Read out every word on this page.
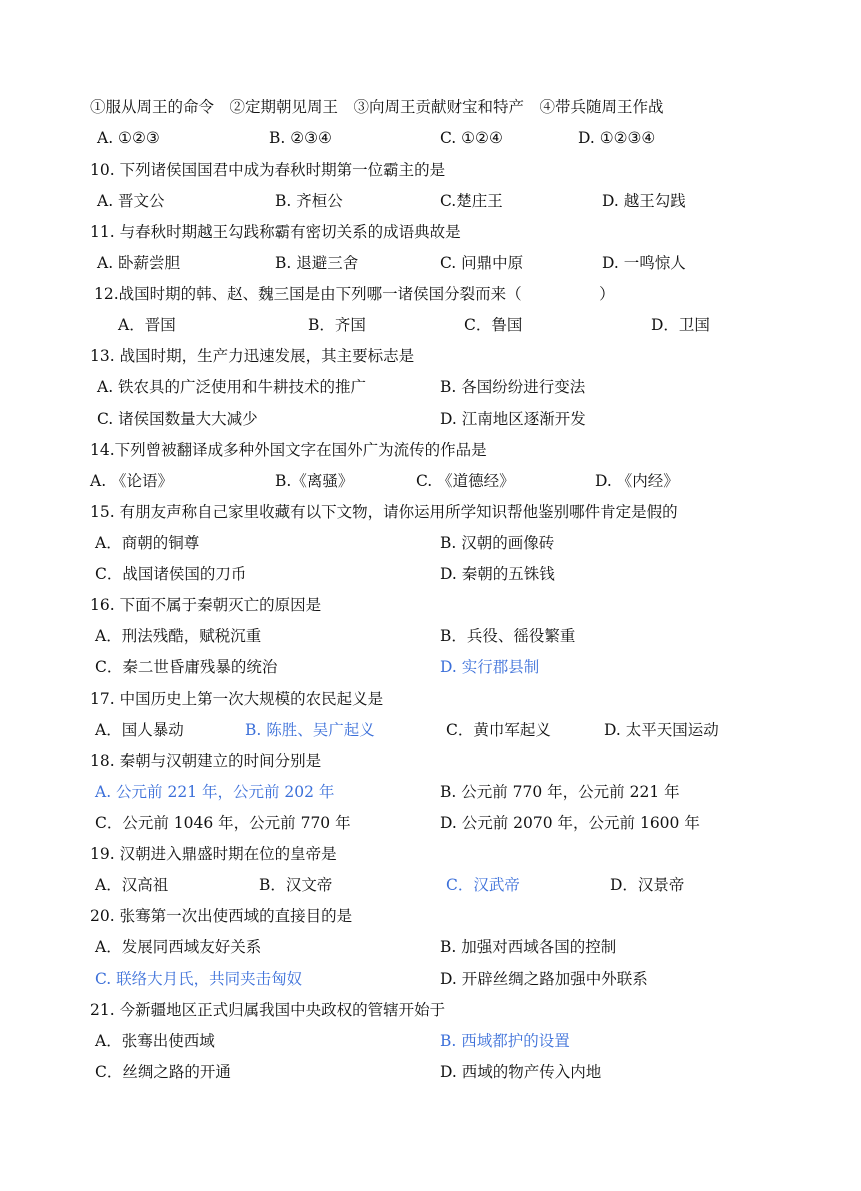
①服从周王的命令　②定期朝见周王　③向周王贡献财宝和特产　④带兵随周王作战
A. ①②③	B. ②③④	C. ①②④	D. ①②③④
10. 下列诸侯国国君中成为春秋时期第一位霸主的是
A. 晋文公	B. 齐桓公	C.楚庄王	D. 越王勾践
11. 与春秋时期越王勾践称霸有密切关系的成语典故是
A. 卧薪尝胆	B. 退避三舍	C. 问鼎中原	D. 一鸣惊人
12.战国时期的韩、赵、魏三国是由下列哪一诸侯国分裂而来（　　　　　）
A．晋国	B．齐国	C．鲁国	D．卫国
13. 战国时期，生产力迅速发展，其主要标志是
A. 铁农具的广泛使用和牛耕技术的推广	B. 各国纷纷进行变法
C. 诸侯国数量大大减少	D. 江南地区逐渐开发
14.下列曾被翻译成多种外国文字在国外广为流传的作品是
A. 《论语》	B.《离骚》	C. 《道德经》	D. 《内经》
15. 有朋友声称自己家里收藏有以下文物，请你运用所学知识帮他鉴别哪件肯定是假的
A．商朝的铜尊	B. 汉朝的画像砖
C．战国诸侯国的刀币	D. 秦朝的五铢钱
16. 下面不属于秦朝灭亡的原因是
A．刑法残酷，赋税沉重	B．兵役、徭役繁重
C．秦二世昏庸残暴的统治	D. 实行郡县制
17. 中国历史上第一次大规模的农民起义是
A．国人暴动	B. 陈胜、吴广起义	C．黄巾军起义	D. 太平天国运动
18. 秦朝与汉朝建立的时间分别是
A. 公元前 221 年，公元前 202 年	B. 公元前 770 年，公元前 221 年
C．公元前 1046 年，公元前 770 年	D. 公元前 2070 年，公元前 1600 年
19. 汉朝进入鼎盛时期在位的皇帝是
A．汉高祖	B．汉文帝	C．汉武帝	D．汉景帝
20. 张骞第一次出使西域的直接目的是
A．发展同西域友好关系	B. 加强对西域各国的控制
C. 联络大月氏，共同夹击匈奴	D. 开辟丝绸之路加强中外联系
21. 今新疆地区正式归属我国中央政权的管辖开始于
A．张骞出使西域	B. 西域都护的设置
C．丝绸之路的开通	D. 西域的物产传入内地
